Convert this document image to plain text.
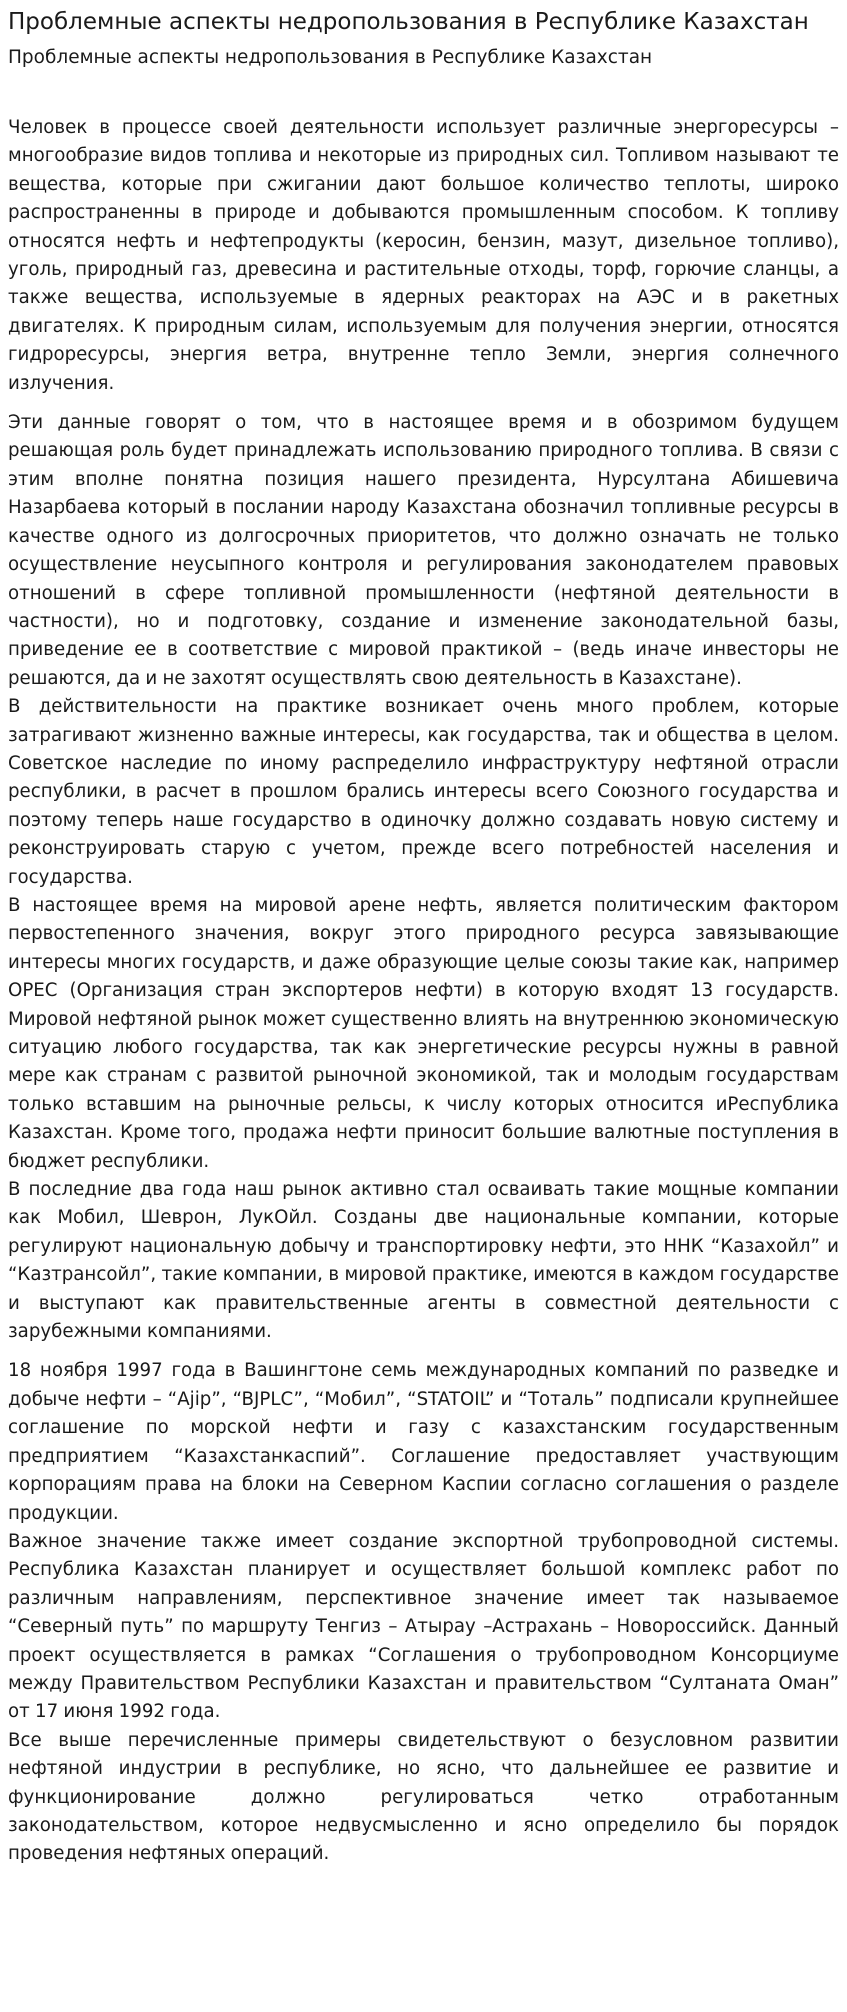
Проблемные аспекты недропользования в Республике Казахстан
Проблемные аспекты недропользования в Республике Казахстан

Человек в процессе своей деятельности использует различные энергоресурсы – многообразие видов топлива и некоторые из природных сил. Топливом называют те вещества, которые при сжигании дают большое количество теплоты, широко распространенны в природе и добываются промышленным способом. К топливу относятся нефть и нефтепродукты (керосин, бензин, мазут, дизельное топливо), уголь, природный газ, древесина и растительные отходы, торф, горючие сланцы, а также вещества, используемые в ядерных реакторах на АЭС и в ракетных двигателях. К природным силам, используемым для получения энергии, относятся гидроресурсы, энергия ветра, внутренне тепло Земли, энергия солнечного излучения.

Эти данные говорят о том, что в настоящее время и в обозримом будущем решающая роль будет принадлежать использованию природного топлива. В связи с этим вполне понятна позиция нашего президента, Нурсултана Абишевича Назарбаева который в послании народу Казахстана обозначил топливные ресурсы в качестве одного из долгосрочных приоритетов, что должно означать не только осуществление неусыпного контроля и регулирования законодателем правовых отношений в сфере топливной промышленности (нефтяной деятельности в частности), но и подготовку, создание и изменение законодательной базы, приведение ее в соответствие с мировой практикой – (ведь иначе инвесторы не решаются, да и не захотят осуществлять свою деятельность в Казахстане).

В действительности на практике возникает очень много проблем, которые затрагивают жизненно важные интересы, как государства, так и общества в целом. Советское наследие по иному распределило инфраструктуру нефтяной отрасли республики, в расчет в прошлом брались интересы всего Союзного государства и поэтому теперь наше государство в одиночку должно создавать новую систему и реконструировать старую с учетом, прежде всего потребностей населения и государства.

В настоящее время на мировой арене нефть, является политическим фактором первостепенного значения, вокруг этого природного ресурса завязывающие интересы многих государств, и даже образующие целые союзы такие как, например ОРЕС (Организация стран экспортеров нефти) в которую входят 13 государств. Мировой нефтяной рынок может существенно влиять на внутреннюю экономическую ситуацию любого государства, так как энергетические ресурсы нужны в равной мере как странам с развитой рыночной экономикой, так и молодым государствам только вставшим на рыночные рельсы, к числу которых относится иРеспублика Казахстан. Кроме того, продажа нефти приносит большие валютные поступления в бюджет республики.

В последние два года наш рынок активно стал осваивать такие мощные компании как Мобил, Шеврон, ЛукОйл. Созданы две национальные компании, которые регулируют национальную добычу и транспортировку нефти, это ННК “Казахойл” и “Казтрансойл”, такие компании, в мировой практике, имеются в каждом государстве и выступают как правительственные агенты в совместной деятельности с зарубежными компаниями.

18 ноября 1997 года в Вашингтоне семь международных компаний по разведке и добыче нефти – “Ajip”, “BJPLC”, “Мобил”, “STATOIL” и “Тоталь” подписали крупнейшее соглашение по морской нефти и газу с казахстанским государственным предприятием “Казахстанкаспий”. Соглашение предоставляет участвующим корпорациям права на блоки на Северном Каспии согласно соглашения о разделе продукции.

Важное значение также имеет создание экспортной трубопроводной системы. Республика Казахстан планирует и осуществляет большой комплекс работ по различным направлениям, перспективное значение имеет так называемое “Северный путь” по маршруту Тенгиз – Атырау –Астрахань – Новороссийск. Данный проект осуществляется в рамках “Соглашения о трубопроводном Консорциуме между Правительством Республики Казахстан и правительством “Султаната Оман” от 17 июня 1992 года.

Все выше перечисленные примеры свидетельствуют о безусловном развитии нефтяной индустрии в республике, но ясно, что дальнейшее ее развитие и функционирование должно регулироваться четко отработанным законодательством, которое недвусмысленно и ясно определило бы порядок проведения нефтяных операций.
